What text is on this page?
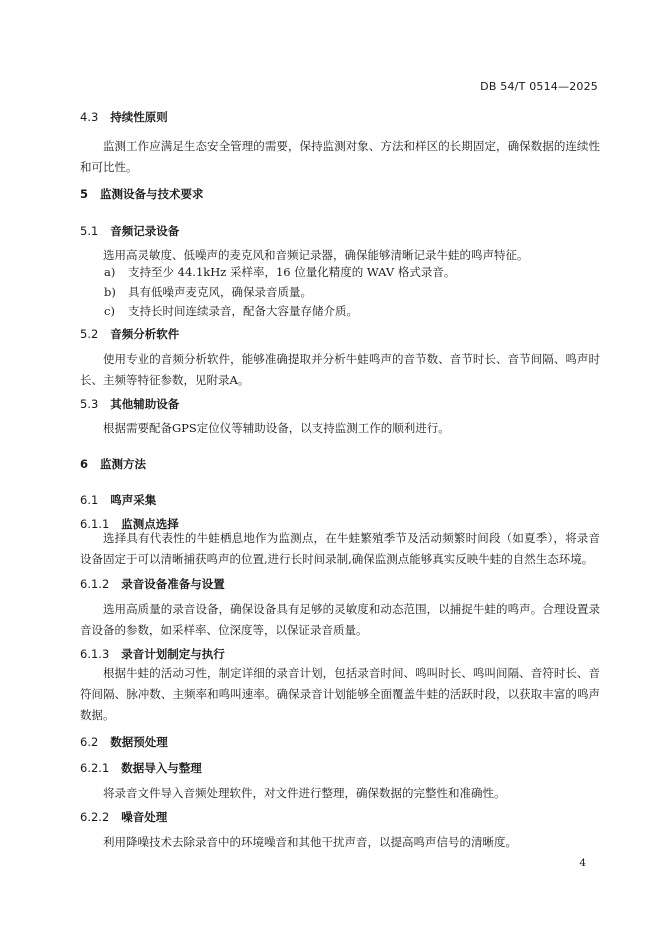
DB 54/T 0514—2025
4.3 持续性原则
监测工作应满足生态安全管理的需要，保持监测对象、方法和样区的长期固定，确保数据的连续性和可比性。
5 监测设备与技术要求
5.1 音频记录设备
选用高灵敏度、低噪声的麦克风和音频记录器，确保能够清晰记录牛蛙的鸣声特征。
a) 支持至少 44.1kHz 采样率，16 位量化精度的 WAV 格式录音。
b) 具有低噪声麦克风，确保录音质量。
c) 支持长时间连续录音，配备大容量存储介质。
5.2 音频分析软件
使用专业的音频分析软件，能够准确提取并分析牛蛙鸣声的音节数、音节时长、音节间隔、鸣声时长、主频等特征参数，见附录A。
5.3 其他辅助设备
根据需要配备GPS定位仪等辅助设备，以支持监测工作的顺利进行。
6 监测方法
6.1 鸣声采集
6.1.1 监测点选择
选择具有代表性的牛蛙栖息地作为监测点，在牛蛙繁殖季节及活动频繁时间段（如夏季），将录音设备固定于可以清晰捕获鸣声的位置,进行长时间录制,确保监测点能够真实反映牛蛙的自然生态环境。
6.1.2 录音设备准备与设置
选用高质量的录音设备，确保设备具有足够的灵敏度和动态范围，以捕捉牛蛙的鸣声。合理设置录音设备的参数，如采样率、位深度等，以保证录音质量。
6.1.3 录音计划制定与执行
根据牛蛙的活动习性，制定详细的录音计划，包括录音时间、鸣叫时长、鸣叫间隔、音符时长、音符间隔、脉冲数、主频率和鸣叫速率。确保录音计划能够全面覆盖牛蛙的活跃时段，以获取丰富的鸣声数据。
6.2 数据预处理
6.2.1 数据导入与整理
将录音文件导入音频处理软件，对文件进行整理，确保数据的完整性和准确性。
6.2.2 噪音处理
利用降噪技术去除录音中的环境噪音和其他干扰声音，以提高鸣声信号的清晰度。
4
